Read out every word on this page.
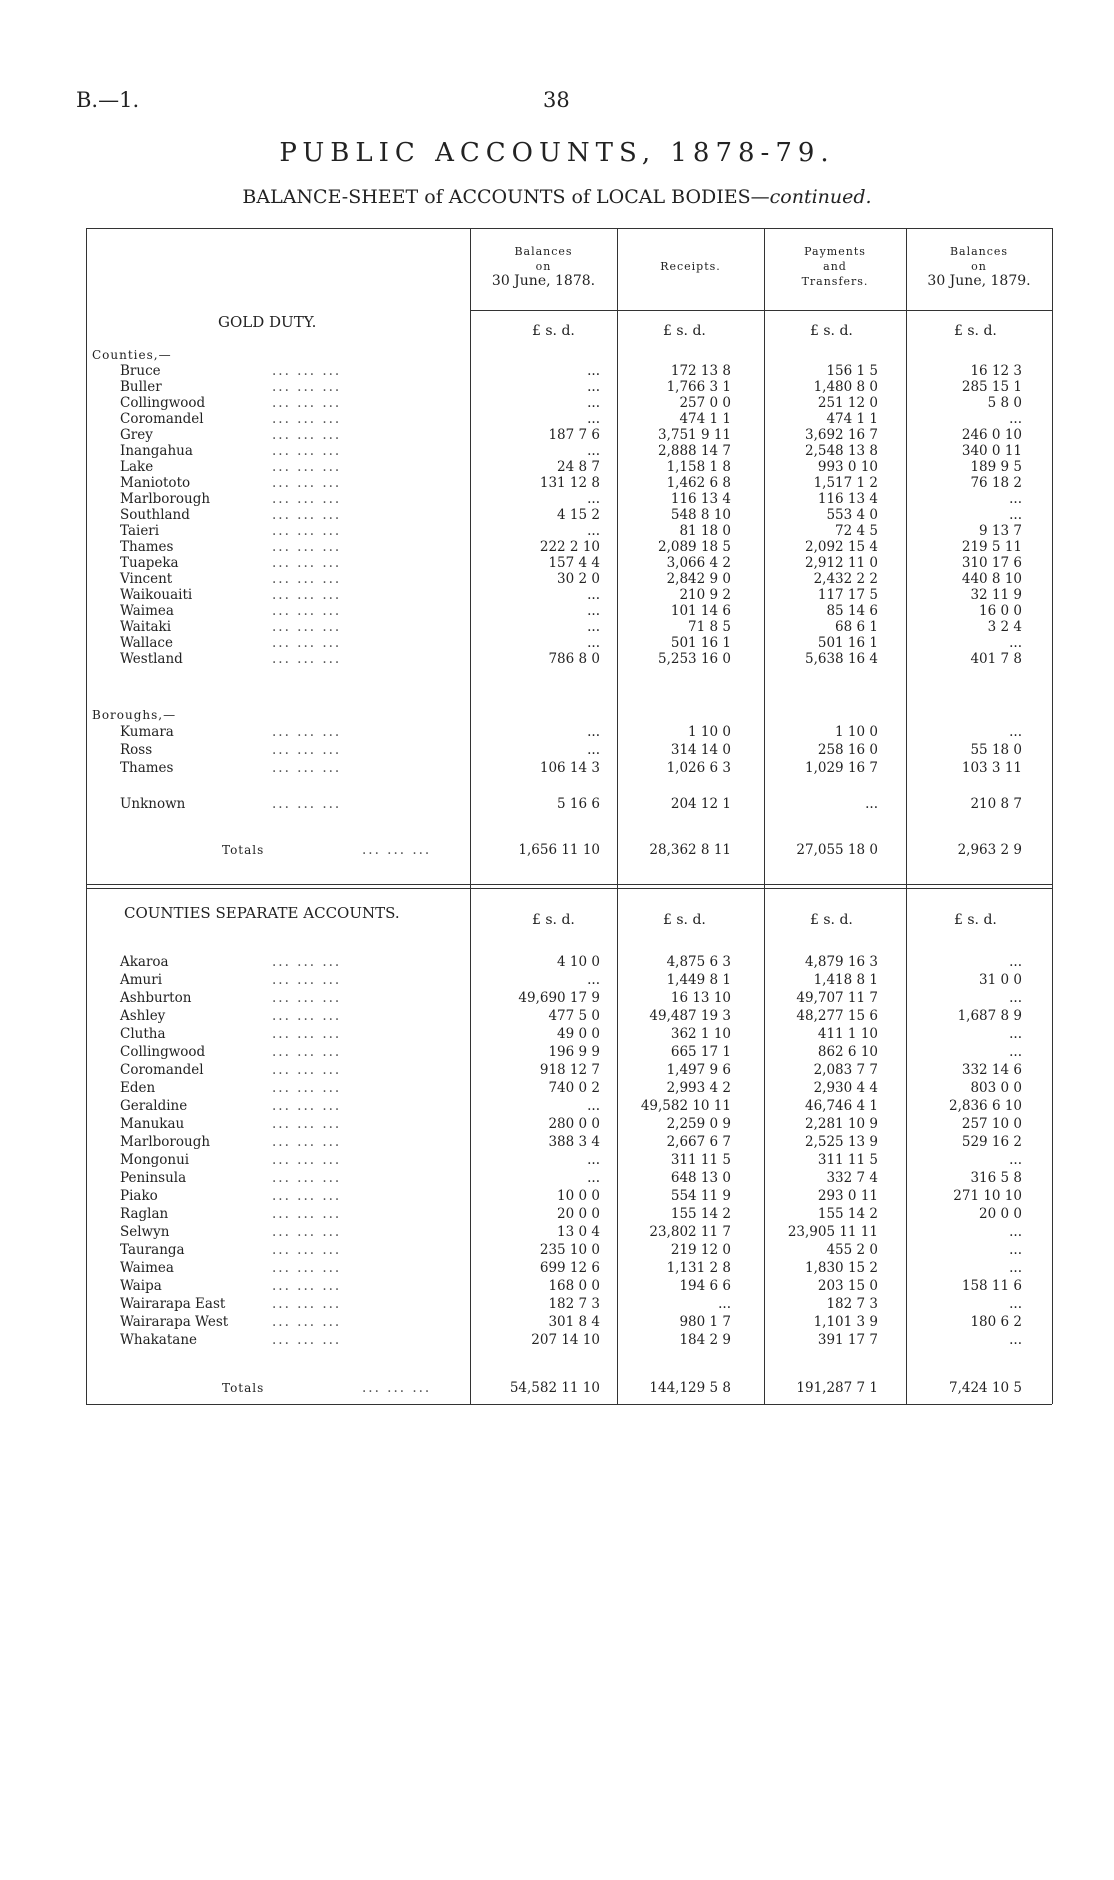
B.—1.	38
PUBLIC ACCOUNTS, 1878-79.
BALANCE-SHEET of ACCOUNTS of LOCAL BODIES—continued.
Balances
on
30 June, 1878.
Receipts.
Payments
and
Transfers.
Balances
on
30 June, 1879.
GOLD DUTY.
Counties,—
Boroughs,—
COUNTIES SEPARATE ACCOUNTS.
£ s. d.	£ s. d.	£ s. d.	£ s. d.
£ s. d.	£ s. d.	£ s. d.	£ s. d.
Bruce	... ... ...	...	172 13 8	156 1 5	16 12 3
Buller	... ... ...	...	1,766 3 1	1,480 8 0	285 15 1
Collingwood	... ... ...	...	257 0 0	251 12 0	5 8 0
Coromandel	... ... ...	...	474 1 1	474 1 1	...
Grey	... ... ...	187 7 6	3,751 9 11	3,692 16 7	246 0 10
Inangahua	... ... ...	...	2,888 14 7	2,548 13 8	340 0 11
Lake	... ... ...	24 8 7	1,158 1 8	993 0 10	189 9 5
Maniototo	... ... ...	131 12 8	1,462 6 8	1,517 1 2	76 18 2
Marlborough	... ... ...	...	116 13 4	116 13 4	...
Southland	... ... ...	4 15 2	548 8 10	553 4 0	...
Taieri	... ... ...	...	81 18 0	72 4 5	9 13 7
Thames	... ... ...	222 2 10	2,089 18 5	2,092 15 4	219 5 11
Tuapeka	... ... ...	157 4 4	3,066 4 2	2,912 11 0	310 17 6
Vincent	... ... ...	30 2 0	2,842 9 0	2,432 2 2	440 8 10
Waikouaiti	... ... ...	...	210 9 2	117 17 5	32 11 9
Waimea	... ... ...	...	101 14 6	85 14 6	16 0 0
Waitaki	... ... ...	...	71 8 5	68 6 1	3 2 4
Wallace	... ... ...	...	501 16 1	501 16 1	...
Westland	... ... ...	786 8 0	5,253 16 0	5,638 16 4	401 7 8
Kumara	... ... ...	...	1 10 0	1 10 0	...
Ross	... ... ...	...	314 14 0	258 16 0	55 18 0
Thames	... ... ...	106 14 3	1,026 6 3	1,029 16 7	103 3 11
Unknown	... ... ...	5 16 6	204 12 1	...	210 8 7
Totals	... ... ...	1,656 11 10	28,362 8 11	27,055 18 0	2,963 2 9
Akaroa	... ... ...	4 10 0	4,875 6 3	4,879 16 3	...
Amuri	... ... ...	...	1,449 8 1	1,418 8 1	31 0 0
Ashburton	... ... ...	49,690 17 9	16 13 10	49,707 11 7	...
Ashley	... ... ...	477 5 0	49,487 19 3	48,277 15 6	1,687 8 9
Clutha	... ... ...	49 0 0	362 1 10	411 1 10	...
Collingwood	... ... ...	196 9 9	665 17 1	862 6 10	...
Coromandel	... ... ...	918 12 7	1,497 9 6	2,083 7 7	332 14 6
Eden	... ... ...	740 0 2	2,993 4 2	2,930 4 4	803 0 0
Geraldine	... ... ...	...	49,582 10 11	46,746 4 1	2,836 6 10
Manukau	... ... ...	280 0 0	2,259 0 9	2,281 10 9	257 10 0
Marlborough	... ... ...	388 3 4	2,667 6 7	2,525 13 9	529 16 2
Mongonui	... ... ...	...	311 11 5	311 11 5	...
Peninsula	... ... ...	...	648 13 0	332 7 4	316 5 8
Piako	... ... ...	10 0 0	554 11 9	293 0 11	271 10 10
Raglan	... ... ...	20 0 0	155 14 2	155 14 2	20 0 0
Selwyn	... ... ...	13 0 4	23,802 11 7	23,905 11 11	...
Tauranga	... ... ...	235 10 0	219 12 0	455 2 0	...
Waimea	... ... ...	699 12 6	1,131 2 8	1,830 15 2	...
Waipa	... ... ...	168 0 0	194 6 6	203 15 0	158 11 6
Wairarapa East	... ... ...	182 7 3	...	182 7 3	...
Wairarapa West	... ... ...	301 8 4	980 1 7	1,101 3 9	180 6 2
Whakatane	... ... ...	207 14 10	184 2 9	391 17 7	...
Totals	... ... ...	54,582 11 10	144,129 5 8	191,287 7 1	7,424 10 5
